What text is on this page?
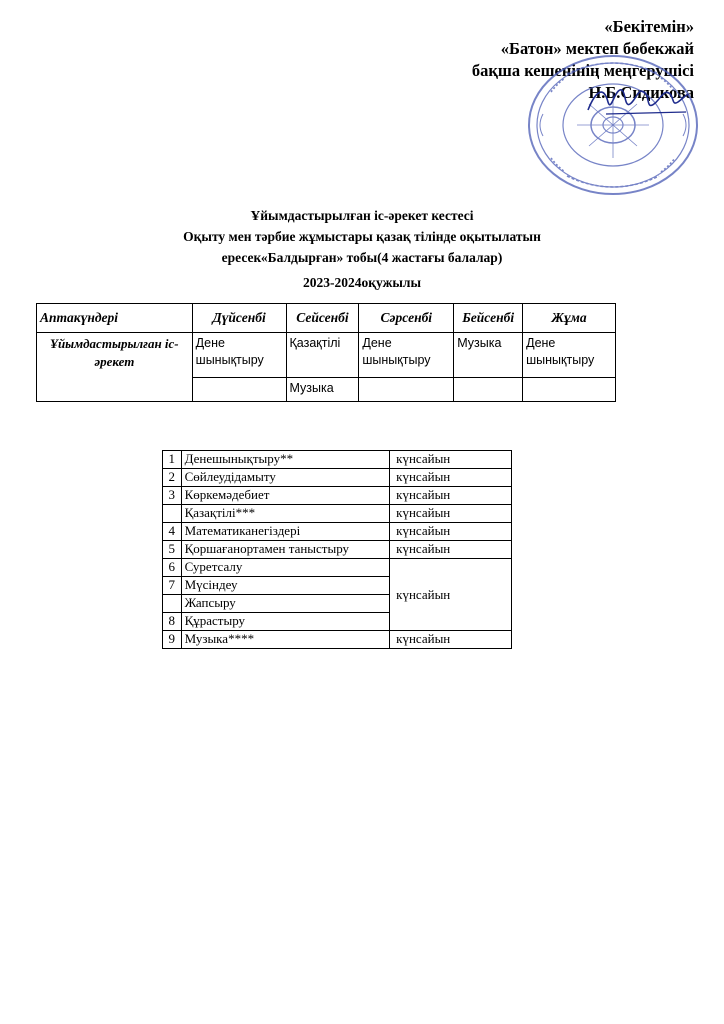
«Бекітемін»
«Батон» мектеп бөбекжай
бақша кешенінің меңгерушісі
Н.Б.Сидикова
Ұйымдастырылған іс-әрекет кестесі
Оқыту мен тәрбие жұмыстары қазақ тілінде оқытылатын
ересек«Балдырған» тобы(4 жастағы балалар)
2023-2024оқужылы
Аптакүндері	Дүйсенбі	Сейсенбі	Сәрсенбі	Бейсенбі	Жұма
Ұйымдастырылған іс-әрекет	Дене шынықтыру	Қазақтілі	Дене шынықтыру	Музыка	Дене шынықтыру
		Музыка			
1	Денешынықтыру**	күнсайын
2	Сөйлеудідамыту	күнсайын
3	Көркемәдебиет	күнсайын
	Қазақтілі***	күнсайын
4	Математиканегіздері	күнсайын
5	Қоршағанортамен таныстыру	күнсайын
6	Суретсалу	күнсайын
7	Мүсіндеу	
	Жапсыру	
8	Құрастыру	
9	Музыка****	күнсайын
